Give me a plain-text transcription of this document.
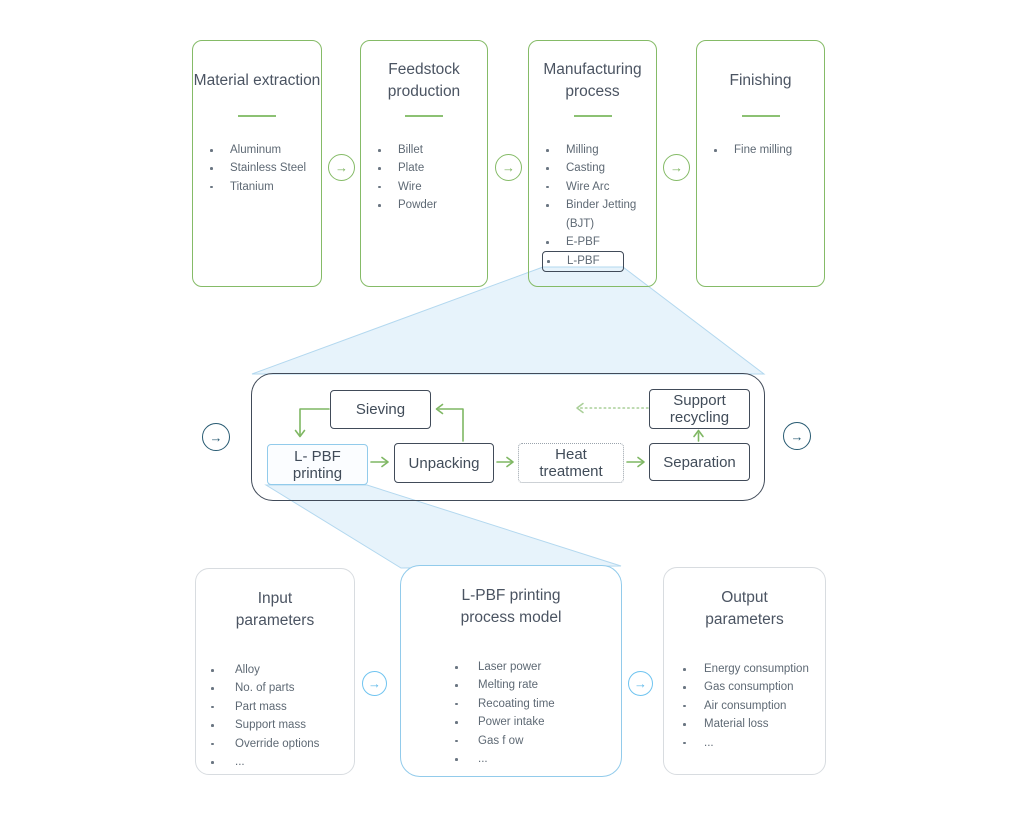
Material extraction
Aluminum
Stainless Steel
Titanium
Feedstock production
Billet
Plate
Wire
Powder
Manufacturing process
Milling
Casting
Wire Arc
Binder Jetting (BJT)
E-PBF
L-PBF
Finishing
Fine milling
→	→	→
→
Sieving
L- PBF printing
Unpacking	Heat treatment
Separation
Support recycling
→
Input parameters
Alloy
No. of parts
Part mass
Support mass
Override options
...
→
L-PBF printing process model
Laser power
Melting rate
Recoating time
Power intake
Gas f ow
...
→
Output parameters
Energy consumption
Gas consumption
Air consumption
Material loss
...
